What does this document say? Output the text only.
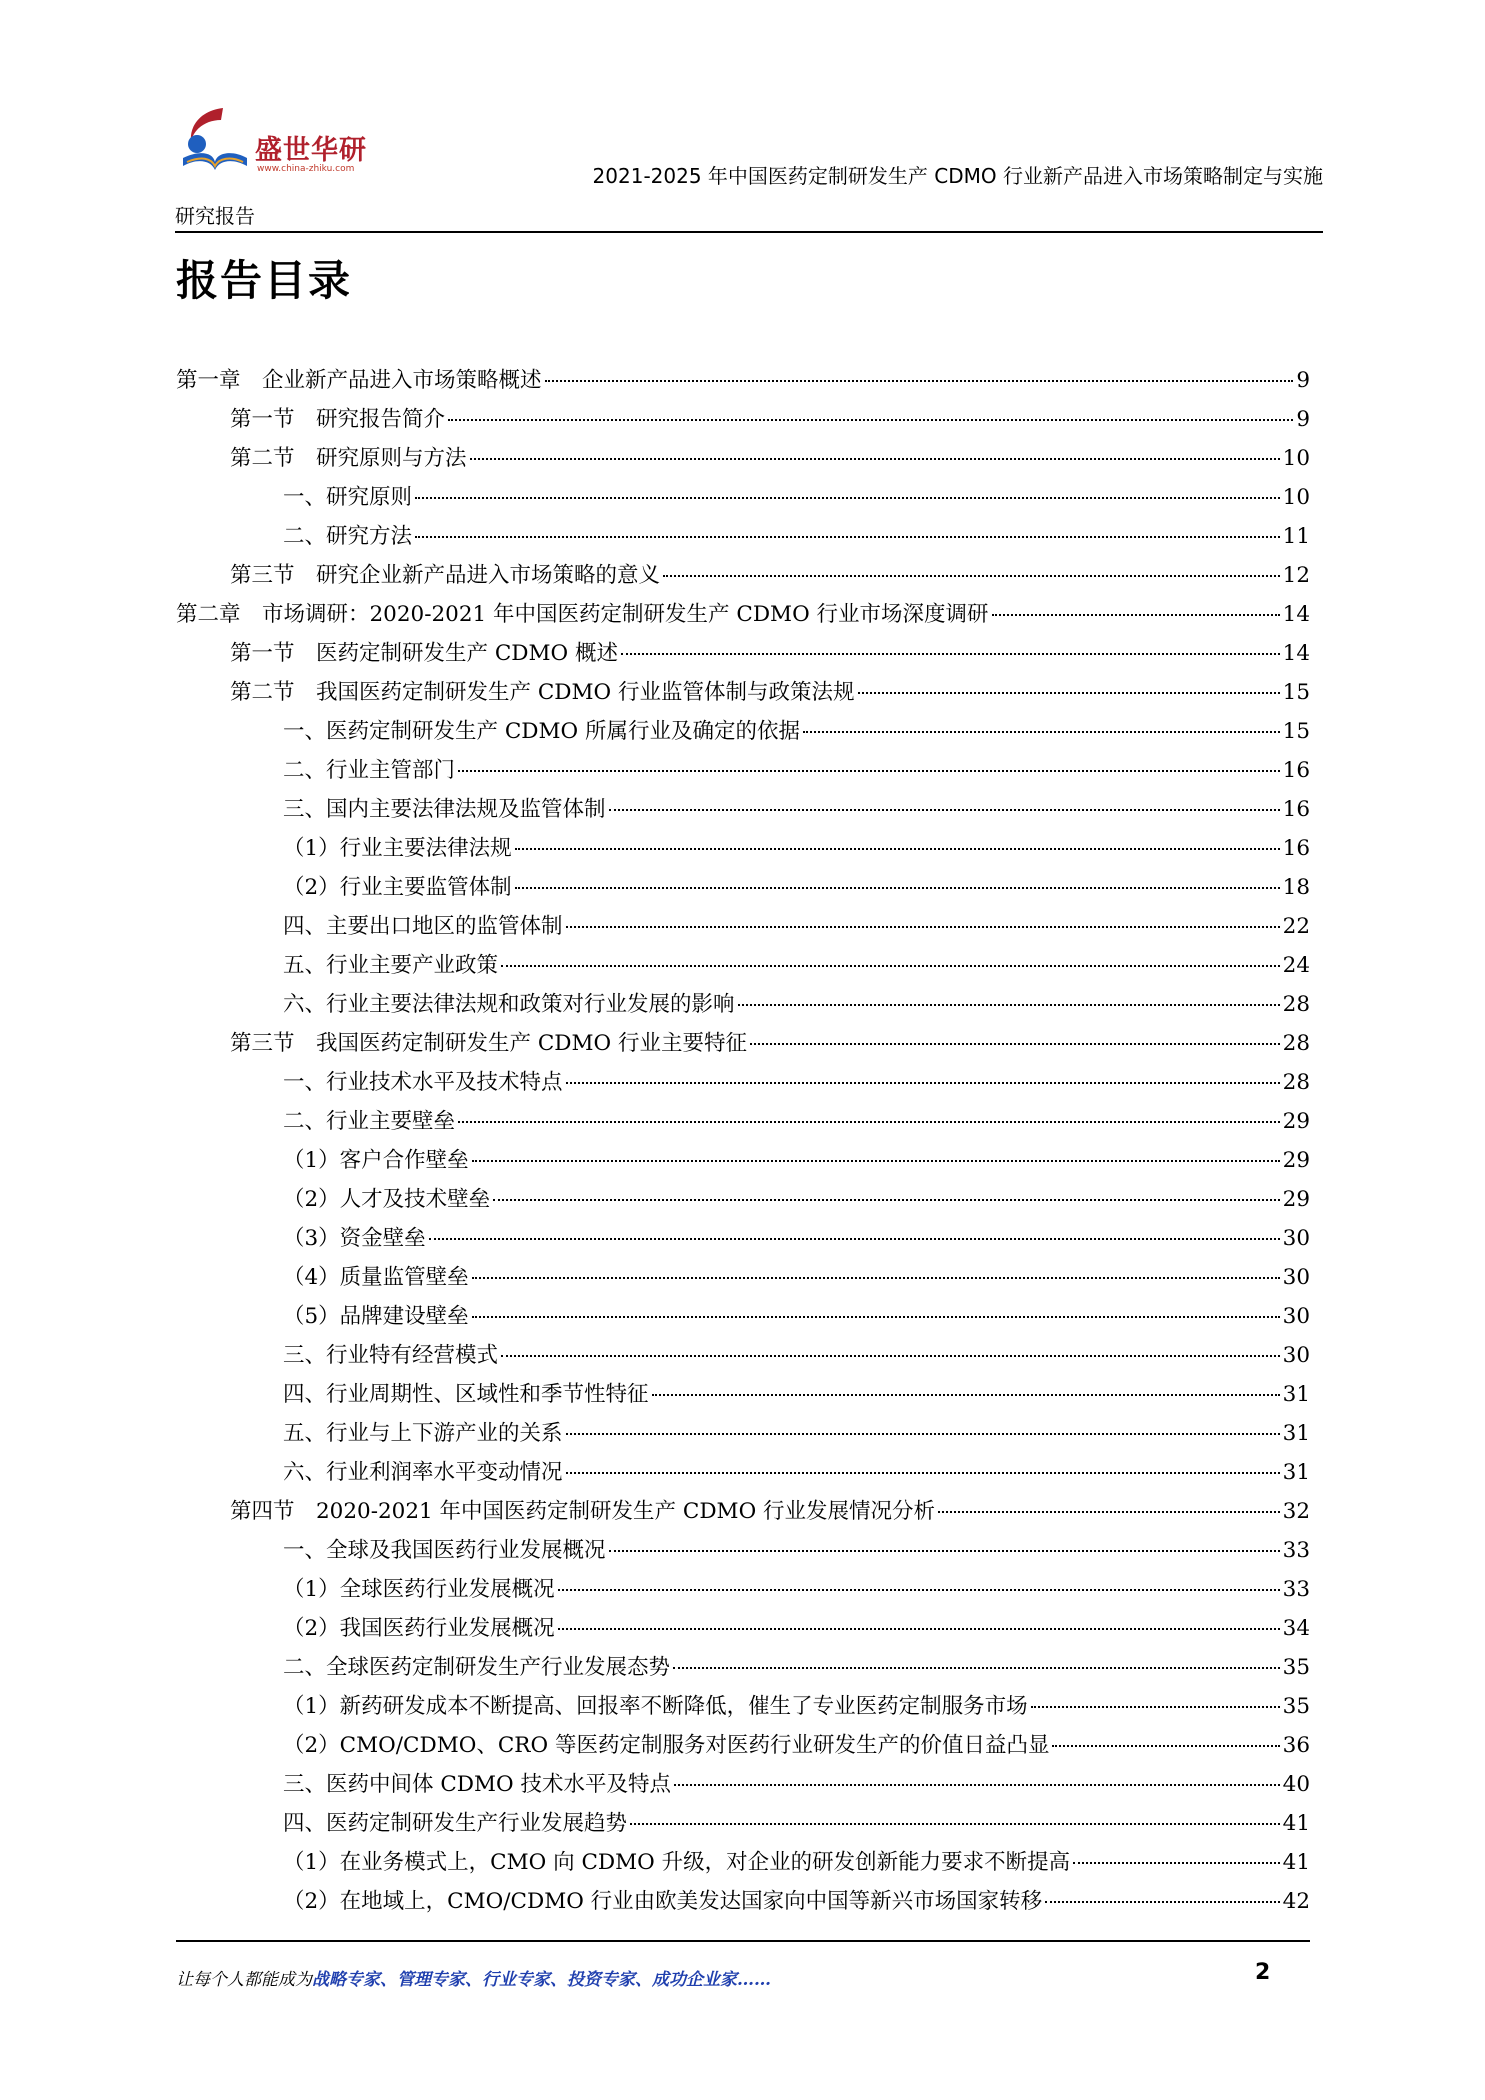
盛世华研
www.china-zhiku.com	2021-2025 年中国医药定制研发生产 CDMO 行业新产品进入市场策略制定与实施
研究报告
报告目录
第一章　企业新产品进入市场策略概述	9
第一节　研究报告简介	9
第二节　研究原则与方法	10
一、研究原则	10
二、研究方法	11
第三节　研究企业新产品进入市场策略的意义	12
第二章　市场调研：2020-2021 年中国医药定制研发生产 CDMO 行业市场深度调研	14
第一节　医药定制研发生产 CDMO 概述	14
第二节　我国医药定制研发生产 CDMO 行业监管体制与政策法规	15
一、医药定制研发生产 CDMO 所属行业及确定的依据	15
二、行业主管部门	16
三、国内主要法律法规及监管体制	16
（1）行业主要法律法规	16
（2）行业主要监管体制	18
四、主要出口地区的监管体制	22
五、行业主要产业政策	24
六、行业主要法律法规和政策对行业发展的影响	28
第三节　我国医药定制研发生产 CDMO 行业主要特征	28
一、行业技术水平及技术特点	28
二、行业主要壁垒	29
（1）客户合作壁垒	29
（2）人才及技术壁垒	29
（3）资金壁垒	30
（4）质量监管壁垒	30
（5）品牌建设壁垒	30
三、行业特有经营模式	30
四、行业周期性、区域性和季节性特征	31
五、行业与上下游产业的关系	31
六、行业利润率水平变动情况	31
第四节　2020-2021 年中国医药定制研发生产 CDMO 行业发展情况分析	32
一、全球及我国医药行业发展概况	33
（1）全球医药行业发展概况	33
（2）我国医药行业发展概况	34
二、全球医药定制研发生产行业发展态势	35
（1）新药研发成本不断提高、回报率不断降低，催生了专业医药定制服务市场	35
（2）CMO/CDMO、CRO 等医药定制服务对医药行业研发生产的价值日益凸显	36
三、医药中间体 CDMO 技术水平及特点	40
四、医药定制研发生产行业发展趋势	41
（1）在业务模式上，CMO 向 CDMO 升级，对企业的研发创新能力要求不断提高	41
（2）在地域上，CMO/CDMO 行业由欧美发达国家向中国等新兴市场国家转移	42
让每个人都能成为战略专家、管理专家、行业专家、投资专家、成功企业家……	2
